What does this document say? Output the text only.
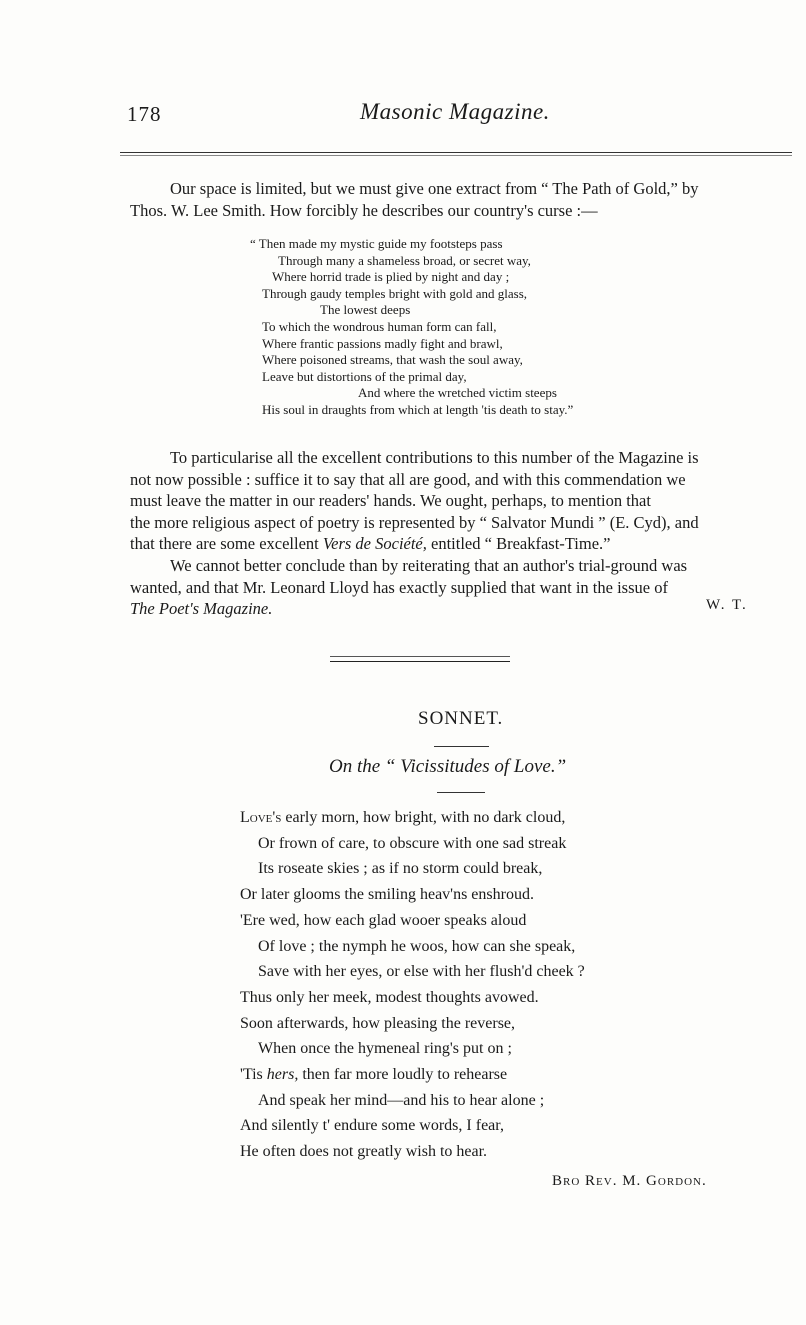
178	Masonic Magazine.
Our space is limited, but we must give one extract from “ The Path of Gold,” by
Thos. W. Lee Smith. How forcibly he describes our country's curse :—
“ Then made my mystic guide my footsteps pass
Through many a shameless broad, or secret way,
Where horrid trade is plied by night and day ;
Through gaudy temples bright with gold and glass,
The lowest deeps
To which the wondrous human form can fall,
Where frantic passions madly fight and brawl,
Where poisoned streams, that wash the soul away,
Leave but distortions of the primal day,
And where the wretched victim steeps
His soul in draughts from which at length 'tis death to stay.”
To particularise all the excellent contributions to this number of the Magazine is
not now possible : suffice it to say that all are good, and with this commendation we
must leave the matter in our readers' hands. We ought, perhaps, to mention that
the more religious aspect of poetry is represented by “ Salvator Mundi ” (E. Cyd), and
that there are some excellent Vers de Société, entitled “ Breakfast-Time.”
We cannot better conclude than by reiterating that an author's trial-ground was
wanted, and that Mr. Leonard Lloyd has exactly supplied that want in the issue of
The Poet's Magazine.	W. T.
SONNET.
On the “ Vicissitudes of Love.”
Love's early morn, how bright, with no dark cloud,
Or frown of care, to obscure with one sad streak
Its roseate skies ; as if no storm could break,
Or later glooms the smiling heav'ns enshroud.
'Ere wed, how each glad wooer speaks aloud
Of love ; the nymph he woos, how can she speak,
Save with her eyes, or else with her flush'd cheek ?
Thus only her meek, modest thoughts avowed.
Soon afterwards, how pleasing the reverse,
When once the hymeneal ring's put on ;
'Tis hers, then far more loudly to rehearse
And speak her mind—and his to hear alone ;
And silently t' endure some words, I fear,
He often does not greatly wish to hear.
Bro Rev. M. Gordon.
